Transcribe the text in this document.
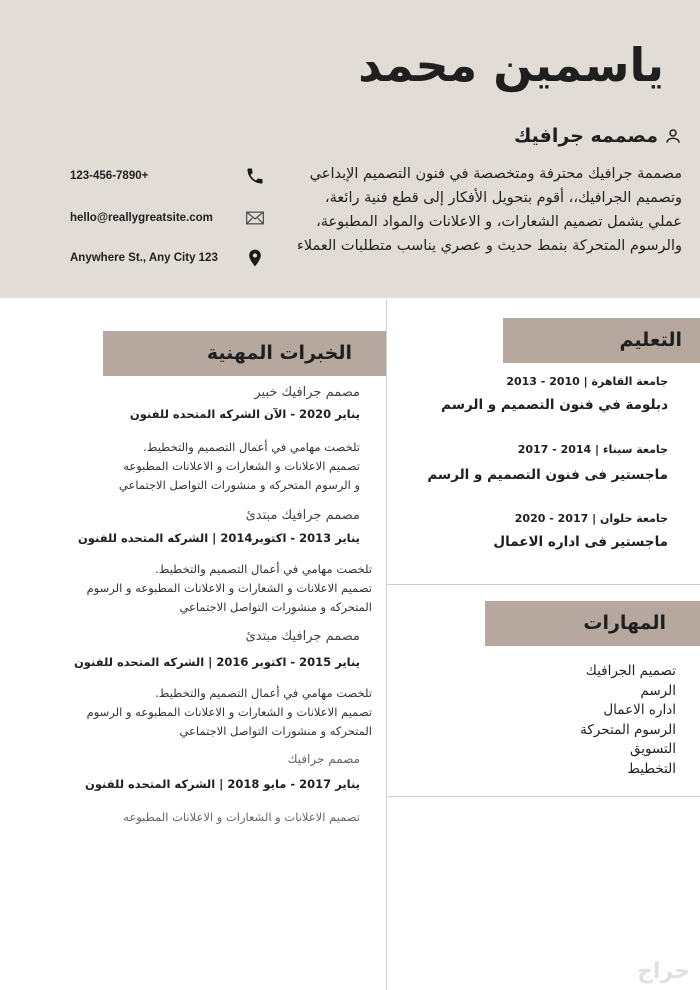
ياسمين محمد
مصممه جرافيك
مصممة جرافيك محترفة ومتخصصة في فنون التصميم الإبداعي وتصميم الجرافيك،، أقوم بتحويل الأفكار إلى قطع فنية رائعة، عملي يشمل تصميم الشعارات، و الاعلانات والمواد المطبوعة، والرسوم المتحركة بنمط حديث و عصري يناسب متطلبات العملاء
123-456-7890+
hello@reallygreatsite.com
Anywhere St., Any City 123
التعليم
جامعة القاهرة | 2010 - 2013
دبلومة في فنون التصميم و الرسم
جامعة سيناء | 2014 - 2017
ماجستير فى فنون التصميم و الرسم
جامعة حلوان | 2017 - 2020
ماجستير فى اداره الاعمال
المهارات
تصميم الجرافيك
الرسم
اداره الاعمال
الرسوم المتحركة
التسويق
التخطيط
الخبرات المهنية
مصمم جرافيك خبير
يناير 2020 - الآن الشركه المتحده للفنون
تلخصت مهامي في أعمال التصميم والتخطيط.
تصميم الاعلانات و الشعارات و الاعلانات المطبوعه
و الرسوم المتحركه و منشورات التواصل الاجتماعي
مصمم جرافيك مبتدئ
يناير 2013 - اكتوبر2014 | الشركه المتحده للفنون
تلخصت مهامي في أعمال التصميم والتخطيط.
تصميم الاعلانات و الشعارات و الاعلانات المطبوعه و الرسوم
المتحركه و منشورات التواصل الاجتماعي
مصمم جرافيك مبتدئ
يناير 2015 - اكتوبر 2016 | الشركه المتحده للفنون
تلخصت مهامي في أعمال التصميم والتخطيط.
تصميم الاعلانات و الشعارات و الاعلانات المطبوعه و الرسوم
المتحركه و منشورات التواصل الاجتماعي
مصمم جرافيك
يناير 2017 - مايو 2018 | الشركه المتحده للفنون
تصميم الاعلانات و الشعارات و الاعلانات المطبوعه
حراج
